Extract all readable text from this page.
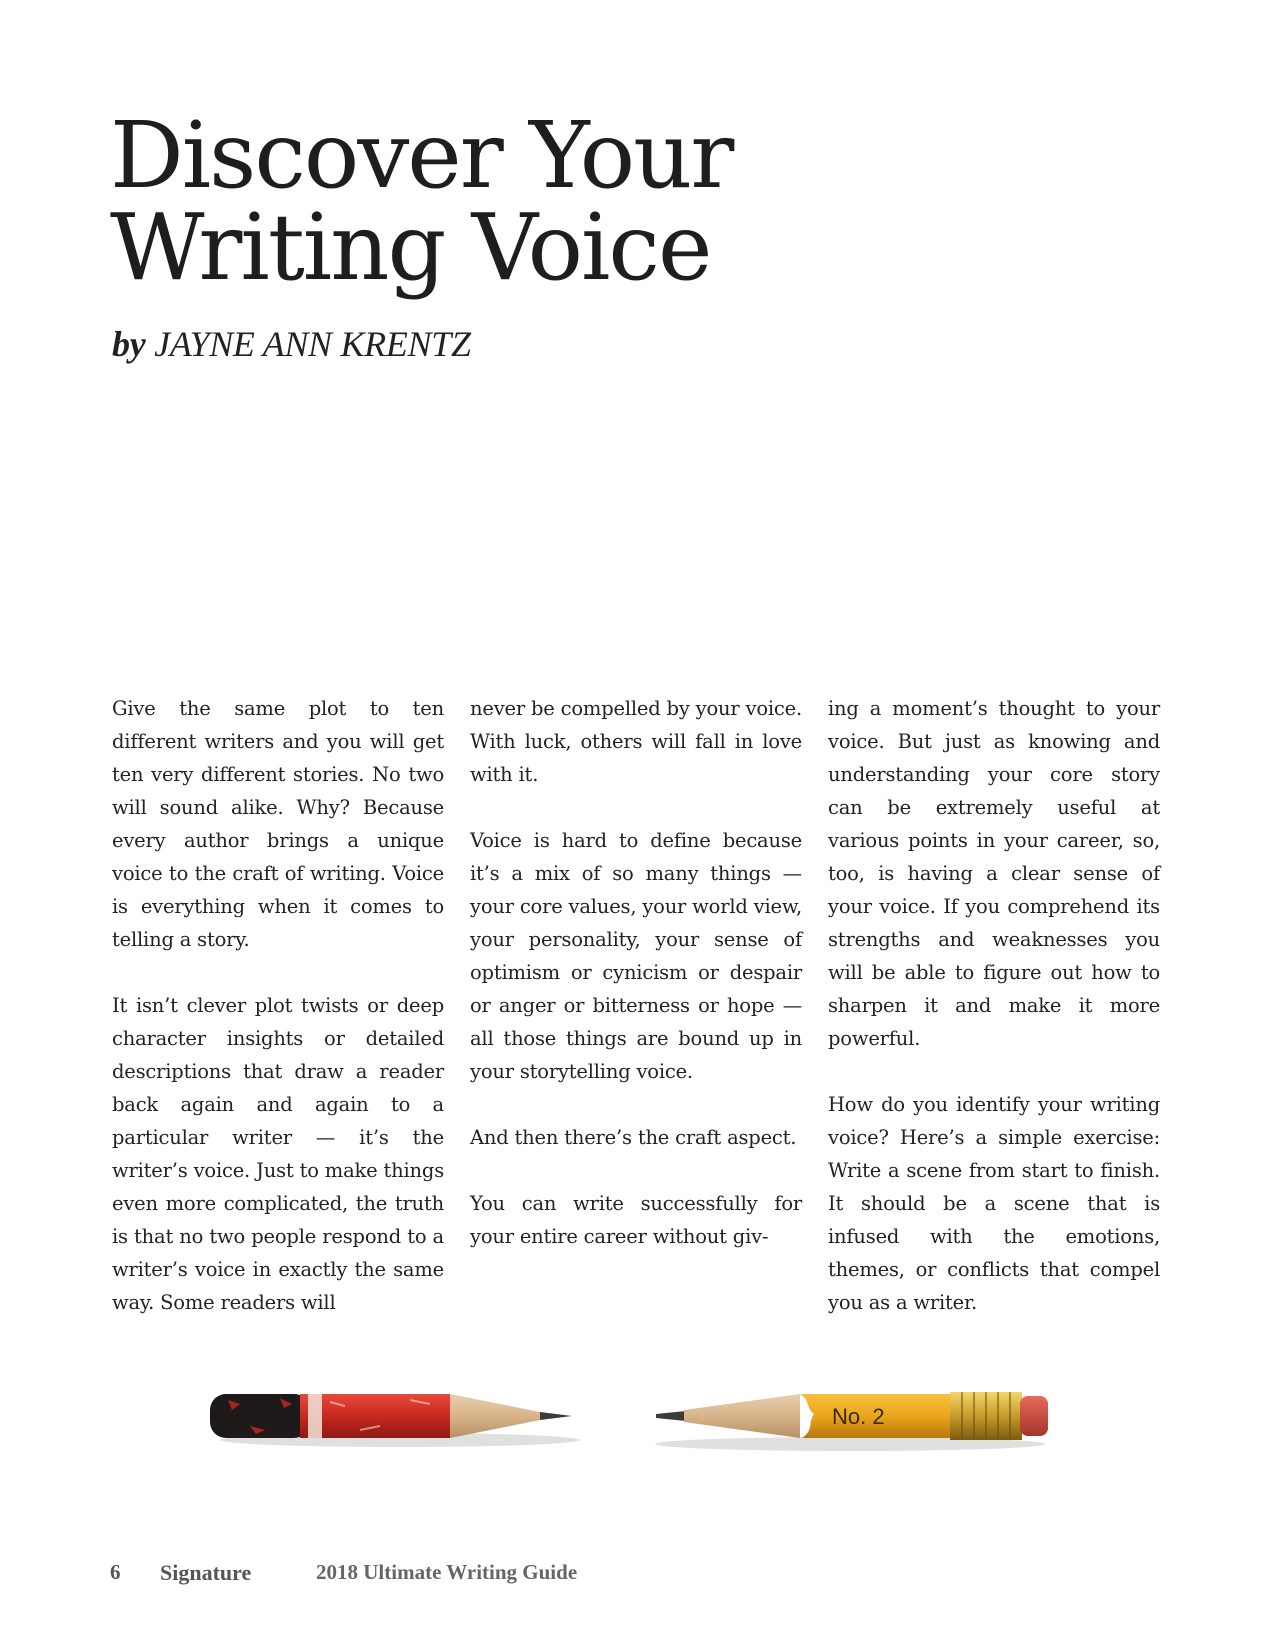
Discover Your
Writing Voice

by JAYNE ANN KRENTZ

Give the same plot to ten different writers and you will get ten very different stories. No two will sound alike. Why? Because every author brings a unique voice to the craft of writing. Voice is everything when it comes to telling a story.

It isn’t clever plot twists or deep character insights or detailed descriptions that draw a reader back again and again to a particular writer — it’s the writer’s voice. Just to make things even more complicated, the truth is that no two people respond to a writer’s voice in exactly the same way. Some readers will

never be compelled by your voice. With luck, others will fall in love with it.

Voice is hard to define because it’s a mix of so many things — your core values, your world view, your personality, your sense of optimism or cynicism or despair or anger or bitterness or hope — all those things are bound up in your storytelling voice.

And then there’s the craft aspect.

You can write successfully for your entire career without giv-

ing a moment’s thought to your voice. But just as knowing and understanding your core story can be extremely useful at various points in your career, so, too, is having a clear sense of your voice. If you comprehend its strengths and weaknesses you will be able to figure out how to sharpen it and make it more powerful.

How do you identify your writing voice? Here’s a simple exercise: Write a scene from start to finish. It should be a scene that is infused with the emotions, themes, or conflicts that compel you as a writer.

No. 2
6 Signature	2018 Ultimate Writing Guide
